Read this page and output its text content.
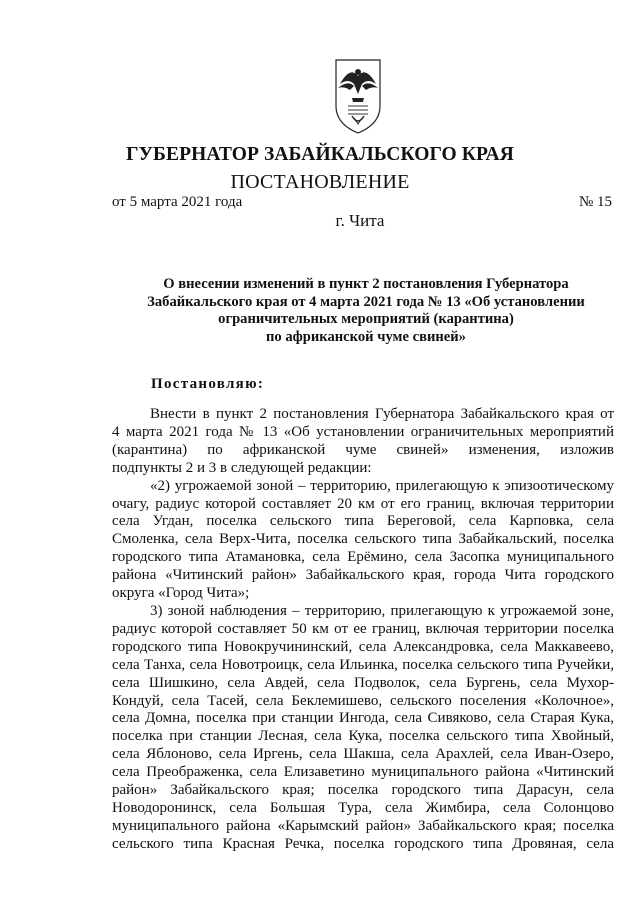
ГУБЕРНАТОР ЗАБАЙКАЛЬСКОГО КРАЯ
ПОСТАНОВЛЕНИЕ
от 5 марта 2021 года	№ 15
г. Чита
О внесении изменений в пункт 2 постановления Губернатора
Забайкальского края от 4 марта 2021 года № 13 «Об установлении
ограничительных мероприятий (карантина)
по африканской чуме свиней»
Постановляю:
Внести в пункт 2 постановления Губернатора Забайкальского края от
4 марта 2021 года № 13 «Об установлении ограничительных мероприятий
(карантина) по африканской чуме свиней» изменения, изложив
подпункты 2 и 3 в следующей редакции:
«2) угрожаемой зоной – территорию, прилегающую к эпизоотическому
очагу, радиус которой составляет 20 км от его границ, включая территории
села Угдан, поселка сельского типа Береговой, села Карповка, села
Смоленка, села Верх-Чита, поселка сельского типа Забайкальский, поселка
городского типа Атамановка, села Ерёмино, села Засопка муниципального
района «Читинский район» Забайкальского края, города Чита городского
округа «Город Чита»;
3) зоной наблюдения – территорию, прилегающую к угрожаемой зоне,
радиус которой составляет 50 км от ее границ, включая территории поселка
городского типа Новокручининский, села Александровка, села Маккавеево,
села Танха, села Новотроицк, села Ильинка, поселка сельского типа Ручейки,
села Шишкино, села Авдей, села Подволок, села Бургень, села Мухор-
Кондуй, села Тасей, села Беклемишево, сельского поселения «Колочное»,
села Домна, поселка при станции Ингода, села Сивяково, села Старая Кука,
поселка при станции Лесная, села Кука, поселка сельского типа Хвойный,
села Яблоново, села Иргень, села Шакша, села Арахлей, села Иван-Озеро,
села Преображенка, села Елизаветино муниципального района «Читинский
район» Забайкальского края; поселка городского типа Дарасун, села
Новодоронинск, села Большая Тура, села Жимбира, села Солонцово
муниципального района «Карымский район» Забайкальского края; поселка
сельского типа Красная Речка, поселка городского типа Дровяная, села
